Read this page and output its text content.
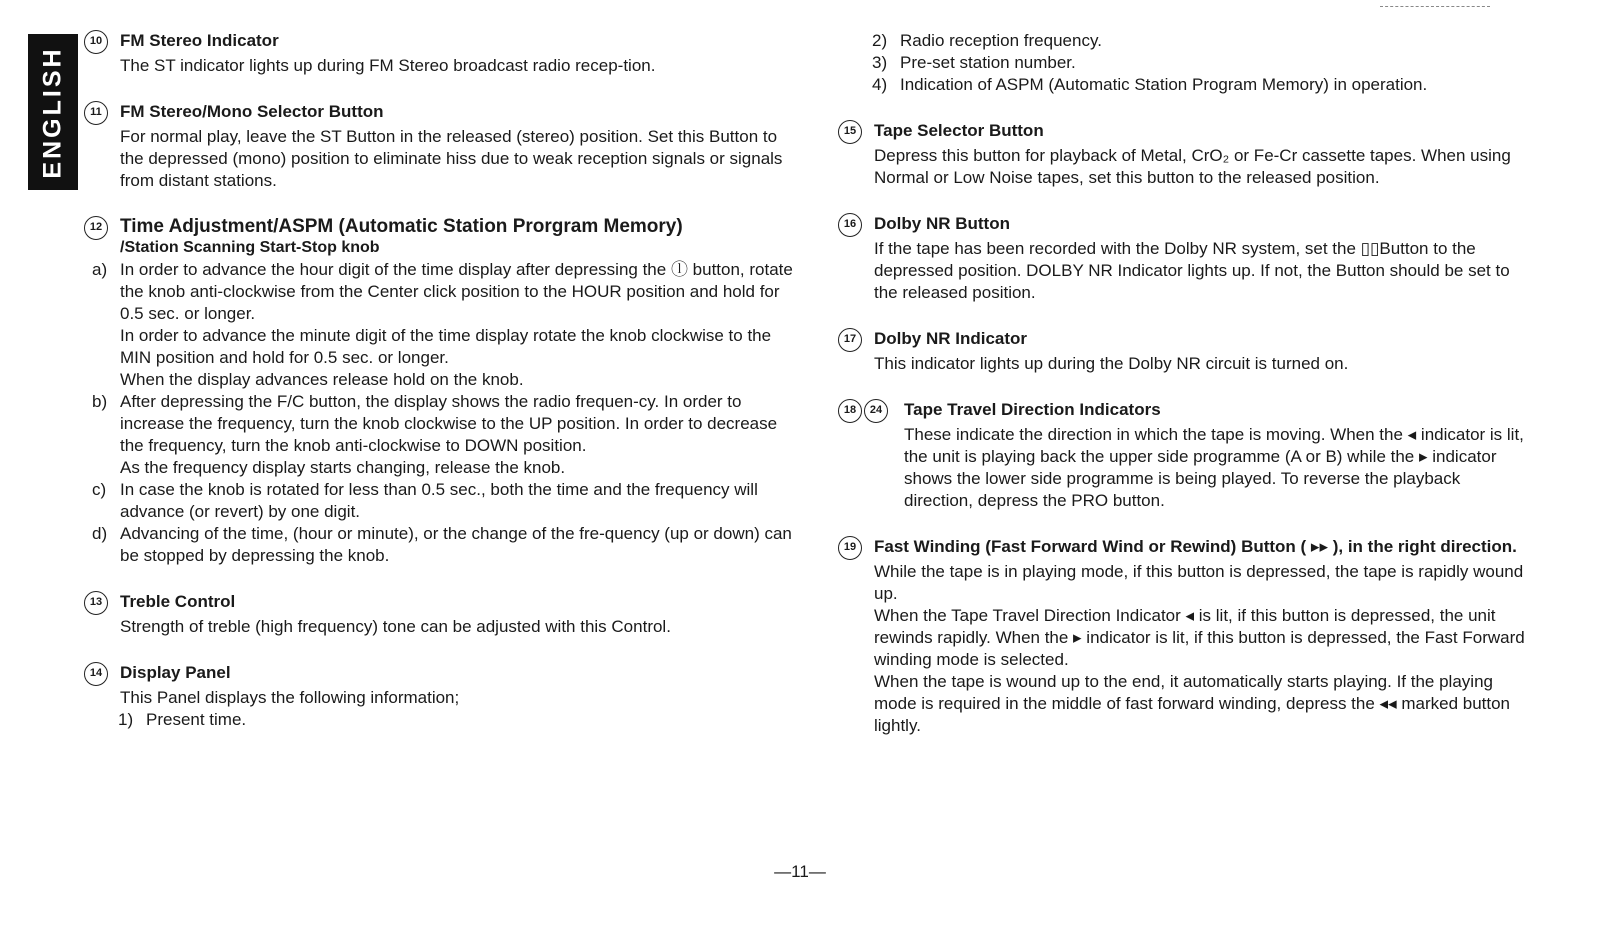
ENGLISH
10	FM Stereo Indicator

The ST indicator lights up during FM Stereo broadcast radio recep-tion.

11	FM Stereo/Mono Selector Button

For normal play, leave the ST Button in the released (stereo) position. Set this Button to the depressed (mono) position to eliminate hiss due to weak reception signals or signals from distant stations.

12 Time Adjustment/ASPM (Automatic Station Prorgram Memory)
/Station Scanning Start-Stop knob
a) In order to advance the hour digit of the time display after depressing the ⓛ button, rotate the knob anti-clockwise from the Center click position to the HOUR position and hold for 0.5 sec. or longer.

In order to advance the minute digit of the time display rotate the knob clockwise to the MIN position and hold for 0.5 sec. or longer.

When the display advances release hold on the knob.

b) After depressing the F/C button, the display shows the radio frequen-cy. In order to increase the frequency, turn the knob clockwise to the UP position. In order to decrease the frequency, turn the knob anti-clockwise to DOWN position.

As the frequency display starts changing, release the knob.

c) In case the knob is rotated for less than 0.5 sec., both the time and the frequency will advance (or revert) by one digit.

d) Advancing of the time, (hour or minute), or the change of the fre-quency (up or down) can be stopped by depressing the knob.

13	Treble Control

Strength of treble (high frequency) tone can be adjusted with this Control.

14	Display Panel

This Panel displays the following information;

1) Present time.

2) Radio reception frequency.

3) Pre-set station number.

4) Indication of ASPM (Automatic Station Program Memory) in operation.

15	Tape Selector Button

Depress this button for playback of Metal, CrO₂ or Fe-Cr cassette tapes. When using Normal or Low Noise tapes, set this button to the released position.

16	Dolby NR Button

If the tape has been recorded with the Dolby NR system, set the ▯▯Button to the depressed position. DOLBY NR Indicator lights up. If not, the Button should be set to the released position.

17	Dolby NR Indicator

This indicator lights up during the Dolby NR circuit is turned on.

18 24	Tape Travel Direction Indicators

These indicate the direction in which the tape is moving. When the ◂ indicator is lit, the unit is playing back the upper side programme (A or B) while the ▸ indicator shows the lower side programme is being played. To reverse the playback direction, depress the PRO button.

19	Fast Winding (Fast Forward Wind or Rewind) Button ( ▸▸ ), in the right direction.

While the tape is in playing mode, if this button is depressed, the tape is rapidly wound up.

When the Tape Travel Direction Indicator ◂ is lit, if this button is depressed, the unit rewinds rapidly. When the ▸ indicator is lit, if this button is depressed, the Fast Forward winding mode is selected.

When the tape is wound up to the end, it automatically starts playing. If the playing mode is required in the middle of fast forward winding, depress the ◂◂ marked button lightly.

—11—
